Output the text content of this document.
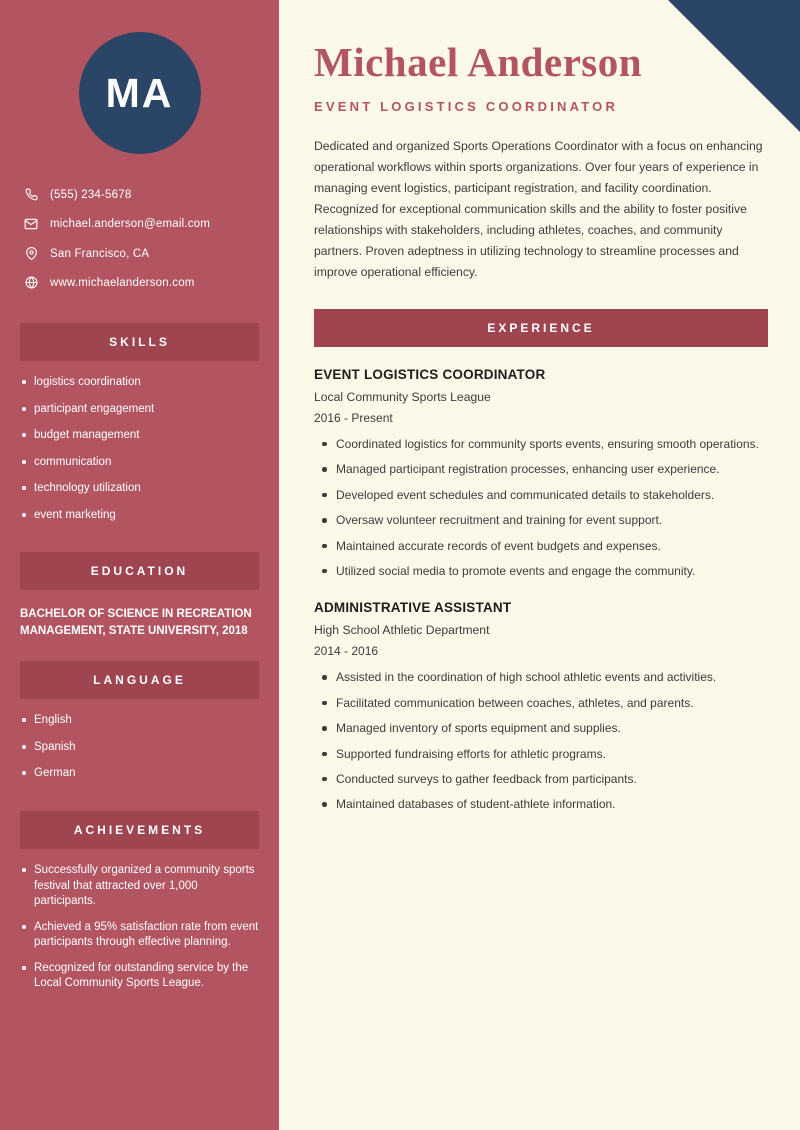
MA
(555) 234-5678
michael.anderson@email.com
San Francisco, CA
www.michaelanderson.com
SKILLS
logistics coordination
participant engagement
budget management
communication
technology utilization
event marketing
EDUCATION
BACHELOR OF SCIENCE IN RECREATION MANAGEMENT, STATE UNIVERSITY, 2018
LANGUAGE
English
Spanish
German
ACHIEVEMENTS
Successfully organized a community sports festival that attracted over 1,000 participants.
Achieved a 95% satisfaction rate from event participants through effective planning.
Recognized for outstanding service by the Local Community Sports League.
Michael Anderson
EVENT LOGISTICS COORDINATOR

Dedicated and organized Sports Operations Coordinator with a focus on enhancing operational workflows within sports organizations. Over four years of experience in managing event logistics, participant registration, and facility coordination. Recognized for exceptional communication skills and the ability to foster positive relationships with stakeholders, including athletes, coaches, and community partners. Proven adeptness in utilizing technology to streamline processes and improve operational efficiency.

EXPERIENCE
EVENT LOGISTICS COORDINATOR
Local Community Sports League
2016 - Present
Coordinated logistics for community sports events, ensuring smooth operations.
Managed participant registration processes, enhancing user experience.
Developed event schedules and communicated details to stakeholders.
Oversaw volunteer recruitment and training for event support.
Maintained accurate records of event budgets and expenses.
Utilized social media to promote events and engage the community.
ADMINISTRATIVE ASSISTANT
High School Athletic Department
2014 - 2016
Assisted in the coordination of high school athletic events and activities.
Facilitated communication between coaches, athletes, and parents.
Managed inventory of sports equipment and supplies.
Supported fundraising efforts for athletic programs.
Conducted surveys to gather feedback from participants.
Maintained databases of student-athlete information.
